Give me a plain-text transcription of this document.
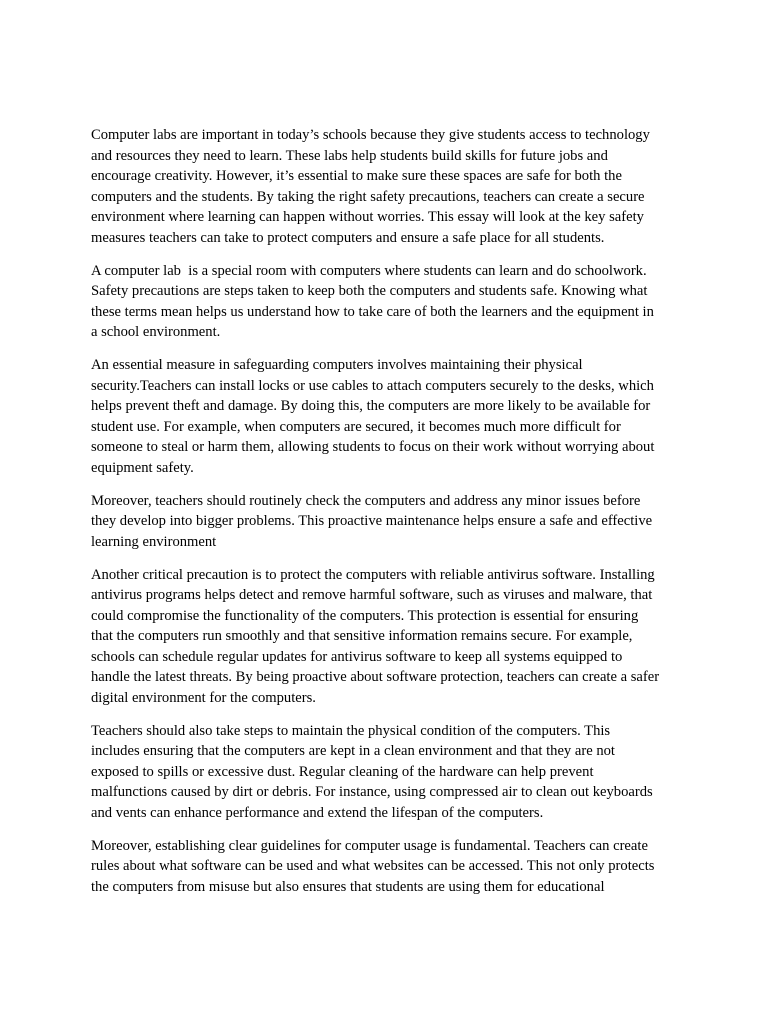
Computer labs are important in today’s schools because they give students access to technology
and resources they need to learn. These labs help students build skills for future jobs and
encourage creativity. However, it’s essential to make sure these spaces are safe for both the
computers and the students. By taking the right safety precautions, teachers can create a secure
environment where learning can happen without worries. This essay will look at the key safety
measures teachers can take to protect computers and ensure a safe place for all students.

A computer lab  is a special room with computers where students can learn and do schoolwork.
Safety precautions are steps taken to keep both the computers and students safe. Knowing what
these terms mean helps us understand how to take care of both the learners and the equipment in
a school environment.

An essential measure in safeguarding computers involves maintaining their physical
security.Teachers can install locks or use cables to attach computers securely to the desks, which
helps prevent theft and damage. By doing this, the computers are more likely to be available for
student use. For example, when computers are secured, it becomes much more difficult for
someone to steal or harm them, allowing students to focus on their work without worrying about
equipment safety.

Moreover, teachers should routinely check the computers and address any minor issues before
they develop into bigger problems. This proactive maintenance helps ensure a safe and effective
learning environment

Another critical precaution is to protect the computers with reliable antivirus software. Installing
antivirus programs helps detect and remove harmful software, such as viruses and malware, that
could compromise the functionality of the computers. This protection is essential for ensuring
that the computers run smoothly and that sensitive information remains secure. For example,
schools can schedule regular updates for antivirus software to keep all systems equipped to
handle the latest threats. By being proactive about software protection, teachers can create a safer
digital environment for the computers.

Teachers should also take steps to maintain the physical condition of the computers. This
includes ensuring that the computers are kept in a clean environment and that they are not
exposed to spills or excessive dust. Regular cleaning of the hardware can help prevent
malfunctions caused by dirt or debris. For instance, using compressed air to clean out keyboards
and vents can enhance performance and extend the lifespan of the computers.

Moreover, establishing clear guidelines for computer usage is fundamental. Teachers can create
rules about what software can be used and what websites can be accessed. This not only protects
the computers from misuse but also ensures that students are using them for educational
